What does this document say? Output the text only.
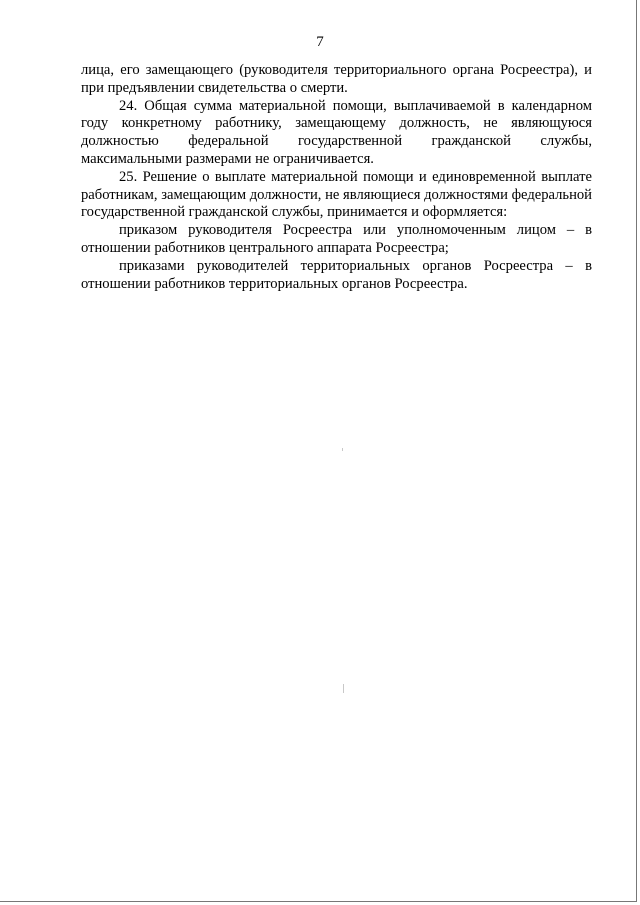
7

лица, его замещающего (руководителя территориального органа Росреестра), и при предъявлении свидетельства о смерти.

24. Общая сумма материальной помощи, выплачиваемой в календарном году конкретному работнику, замещающему должность, не являющуюся должностью федеральной государственной гражданской службы, максимальными размерами не ограничивается.

25. Решение о выплате материальной помощи и единовременной выплате работникам, замещающим должности, не являющиеся должностями федеральной государственной гражданской службы, принимается и оформляется:

приказом руководителя Росреестра или уполномоченным лицом – в отношении работников центрального аппарата Росреестра;

приказами руководителей территориальных органов Росреестра – в отношении работников территориальных органов Росреестра.
